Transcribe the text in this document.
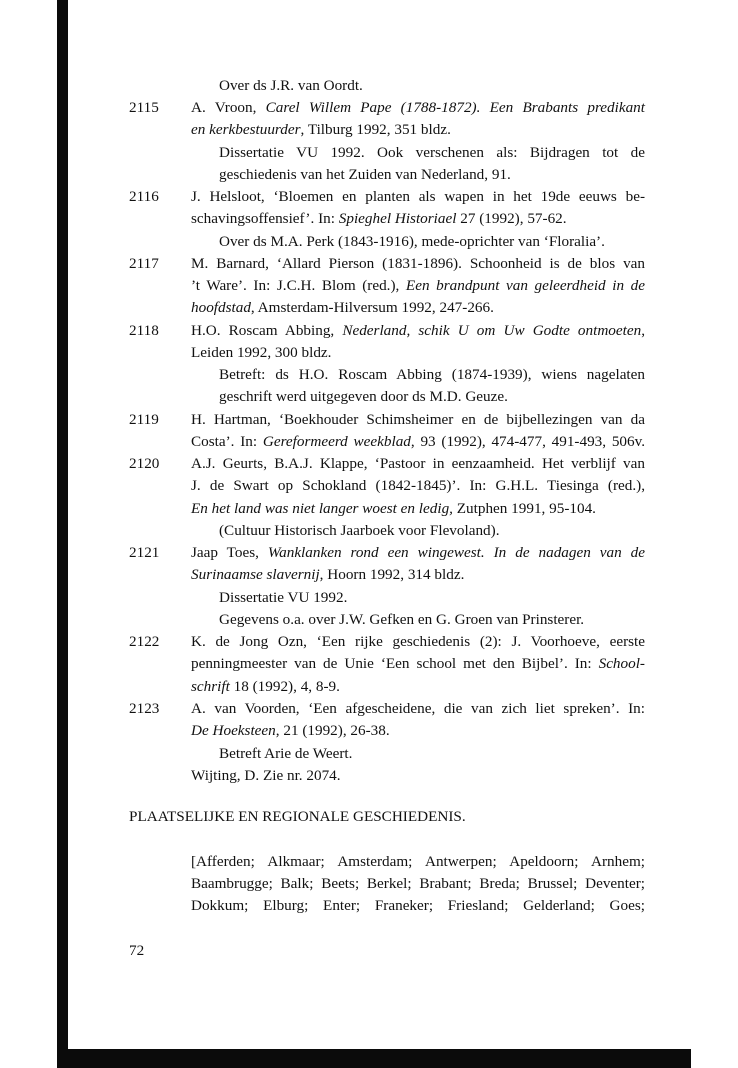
Over ds J.R. van Oordt.
2115 A. Vroon, Carel Willem Pape (1788-1872). Een Brabants predikant
en kerkbestuurder, Tilburg 1992, 351 bldz.
Dissertatie VU 1992. Ook verschenen als: Bijdragen tot de
geschiedenis van het Zuiden van Nederland, 91.
2116 J. Helsloot, ‘Bloemen en planten als wapen in het 19de eeuws be-
schavingsoffensief’. In: Spieghel Historiael 27 (1992), 57-62.
Over ds M.A. Perk (1843-1916), mede-oprichter van ‘Floralia’.
2117 M. Barnard, ‘Allard Pierson (1831-1896). Schoonheid is de blos van
’t Ware’. In: J.C.H. Blom (red.), Een brandpunt van geleerdheid in de
hoofdstad, Amsterdam-Hilversum 1992, 247-266.
2118 H.O. Roscam Abbing, Nederland, schik U om Uw Godte ontmoeten,
Leiden 1992, 300 bldz.
Betreft: ds H.O. Roscam Abbing (1874-1939), wiens nagelaten
geschrift werd uitgegeven door ds M.D. Geuze.
2119 H. Hartman, ‘Boekhouder Schimsheimer en de bijbellezingen van da
Costa’. In: Gereformeerd weekblad, 93 (1992), 474-477, 491-493, 506v.
2120 A.J. Geurts, B.A.J. Klappe, ‘Pastoor in eenzaamheid. Het verblijf van
J. de Swart op Schokland (1842-1845)’. In: G.H.L. Tiesinga (red.),
En het land was niet langer woest en ledig, Zutphen 1991, 95-104.
(Cultuur Historisch Jaarboek voor Flevoland).
2121 Jaap Toes, Wanklanken rond een wingewest. In de nadagen van de
Surinaamse slavernij, Hoorn 1992, 314 bldz.
Dissertatie VU 1992.
Gegevens o.a. over J.W. Gefken en G. Groen van Prinsterer.
2122 K. de Jong Ozn, ‘Een rijke geschiedenis (2): J. Voorhoeve, eerste
penningmeester van de Unie ‘Een school met den Bijbel’. In: School-
schrift 18 (1992), 4, 8-9.
2123 A. van Voorden, ‘Een afgescheidene, die van zich liet spreken’. In:
De Hoeksteen, 21 (1992), 26-38.
Betreft Arie de Weert.
Wijting, D. Zie nr. 2074.
PLAATSELIJKE EN REGIONALE GESCHIEDENIS.
[Afferden; Alkmaar; Amsterdam; Antwerpen; Apeldoorn; Arnhem;
Baambrugge; Balk; Beets; Berkel; Brabant; Breda; Brussel; Deventer;
Dokkum; Elburg; Enter; Franeker; Friesland; Gelderland; Goes;
72
